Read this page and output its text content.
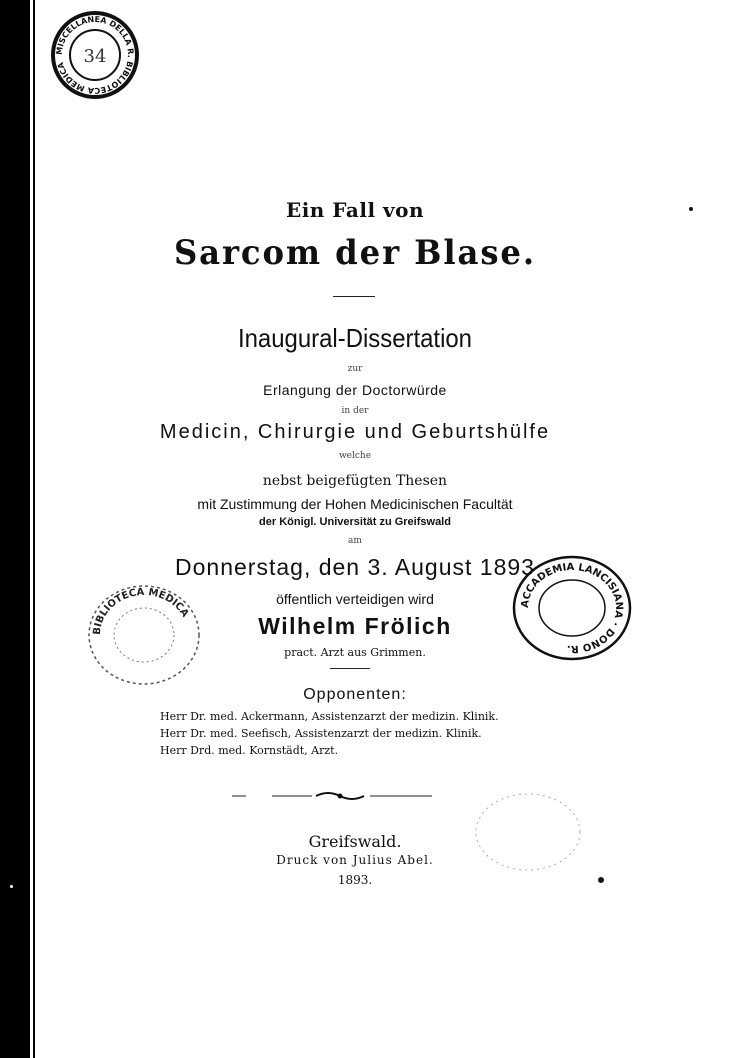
MISCELLANEA DELLA R. BIBLIOTECA MEDICA 34
BIBLIOTECA MEDICA
ACCADEMIA LANCISIANA · DONO R.
Ein Fall von
Sarcom der Blase.
Inaugural-Dissertation
zur
Erlangung der Doctorwürde
in der
Medicin, Chirurgie und Geburtshülfe
welche
nebst beigefügten Thesen
mit Zustimmung der Hohen Medicinischen Facultät
der Königl. Universität zu Greifswald
am
Donnerstag, den 3. August 1893
öffentlich verteidigen wird
Wilhelm Frölich
pract. Arzt aus Grimmen.
Opponenten:
Herr Dr. med. Ackermann, Assistenzarzt der medizin. Klinik.
Herr Dr. med. Seefisch, Assistenzarzt der medizin. Klinik.
Herr Drd. med. Kornstädt, Arzt.
Greifswald.
Druck von Julius Abel.
1893.
